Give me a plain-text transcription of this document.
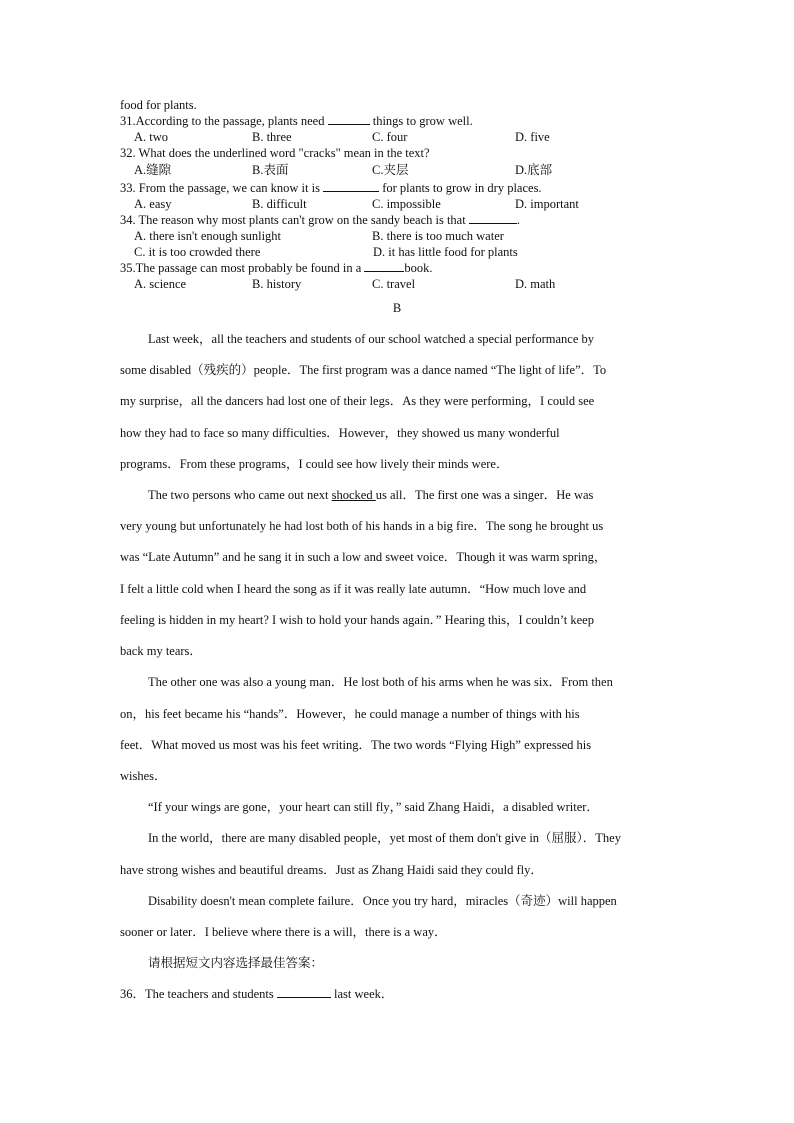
food for plants.
31.According to the passage, plants need	things to grow well.
A. two	B. three	C. four	D. five
32. What does the underlined word "cracks" mean in the text?
A.缝隙	B.表面	C.夹层	D.底部
33. From the passage, we can know it is	for plants to grow in dry places.
A. easy	B. difficult	C. impossible	D. important
34. The reason why most plants can't grow on the sandy beach is that	.
A. there isn't enough sunlight	B. there is too much water
C. it is too crowded there	D. it has little food for plants
35.The passage can most probably be found in a	book.
A. science	B. history	C. travel	D. math
B
Last week，all the teachers and students of our school watched a special performance by
some disabled（残疾的）people．The first program was a dance named “The light of life”．To
my surprise，all the dancers had lost one of their legs．As they were performing，I could see
how they had to face so many difficulties．However，they showed us many wonderful
programs．From these programs，I could see how lively their minds were．
The two persons who came out next shocked us all．The first one was a singer．He was
very young but unfortunately he had lost both of his hands in a big fire．The song he brought us
was “Late Autumn” and he sang it in such a low and sweet voice．Though it was warm spring，
I felt a little cold when I heard the song as if it was really late autumn．“How much love and
feeling is hidden in my heart? I wish to hold your hands again．” Hearing this，I couldn’t keep
back my tears．
The other one was also a young man．He lost both of his arms when he was six．From then
on，his feet became his “hands”．However，he could manage a number of things with his
feet．What moved us most was his feet writing．The two words “Flying High” expressed his
wishes．
“If your wings are gone，your heart can still fly，” said Zhang Haidi，a disabled writer．
In the world，there are many disabled people，yet most of them don't give in（屈服）．They
have strong wishes and beautiful dreams．Just as Zhang Haidi said they could fly．
Disability doesn't mean complete failure．Once you try hard，miracles（奇迹）will happen
sooner or later．I believe where there is a will，there is a way．
请根据短文内容选择最佳答案：
36．The teachers and students	last week．
